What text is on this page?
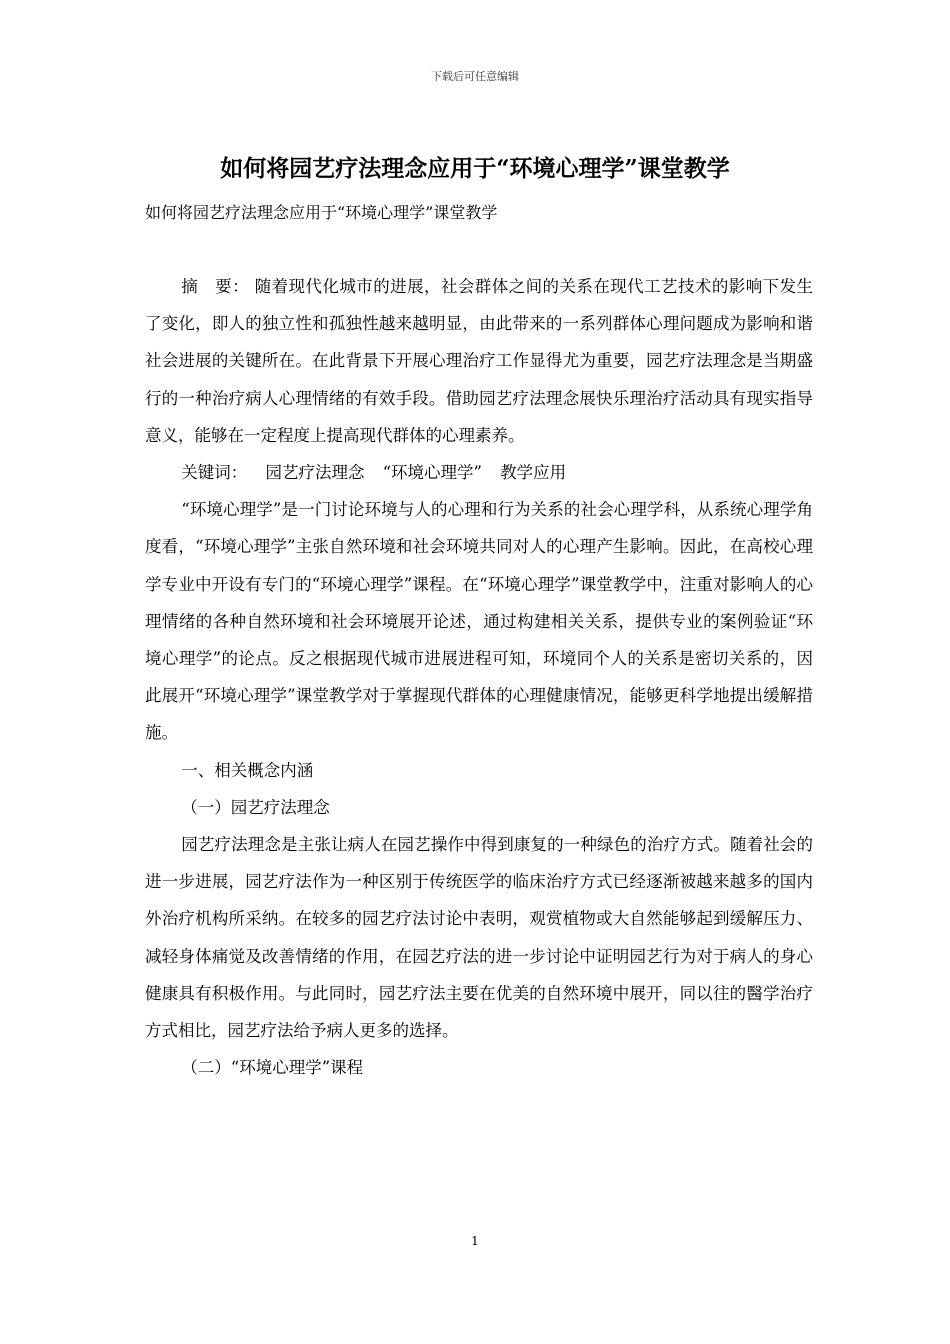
下载后可任意编辑
如何将园艺疗法理念应用于“环境心理学”课堂教学
如何将园艺疗法理念应用于“环境心理学”课堂教学

摘　要： 随着现代化城市的进展，社会群体之间的关系在现代工艺技术的影响下发生了变化，即人的独立性和孤独性越来越明显，由此带来的一系列群体心理问题成为影响和谐社会进展的关键所在。在此背景下开展心理治疗工作显得尤为重要，园艺疗法理念是当期盛行的一种治疗病人心理情绪的有效手段。借助园艺疗法理念展快乐理治疗活动具有现实指导意义，能够在一定程度上提高现代群体的心理素养。

关键词： 园艺疗法理念 “环境心理学” 教学应用

“环境心理学”是一门讨论环境与人的心理和行为关系的社会心理学科，从系统心理学角度看，“环境心理学”主张自然环境和社会环境共同对人的心理产生影响。因此，在高校心理学专业中开设有专门的“环境心理学”课程。在“环境心理学”课堂教学中，注重对影响人的心理情绪的各种自然环境和社会环境展开论述，通过构建相关关系，提供专业的案例验证“环境心理学”的论点。反之根据现代城市进展进程可知，环境同个人的关系是密切关系的，因此展开“环境心理学”课堂教学对于掌握现代群体的心理健康情况，能够更科学地提出缓解措施。

一、相关概念内涵

（一）园艺疗法理念

园艺疗法理念是主张让病人在园艺操作中得到康复的一种绿色的治疗方式。随着社会的进一步进展，园艺疗法作为一种区别于传统医学的临床治疗方式已经逐渐被越来越多的国内外治疗机构所采纳。在较多的园艺疗法讨论中表明，观赏植物或大自然能够起到缓解压力、减轻身体痛觉及改善情绪的作用，在园艺疗法的进一步讨论中证明园艺行为对于病人的身心健康具有积极作用。与此同时，园艺疗法主要在优美的自然环境中展开，同以往的醫学治疗方式相比，园艺疗法给予病人更多的选择。

（二）“环境心理学”课程

1
